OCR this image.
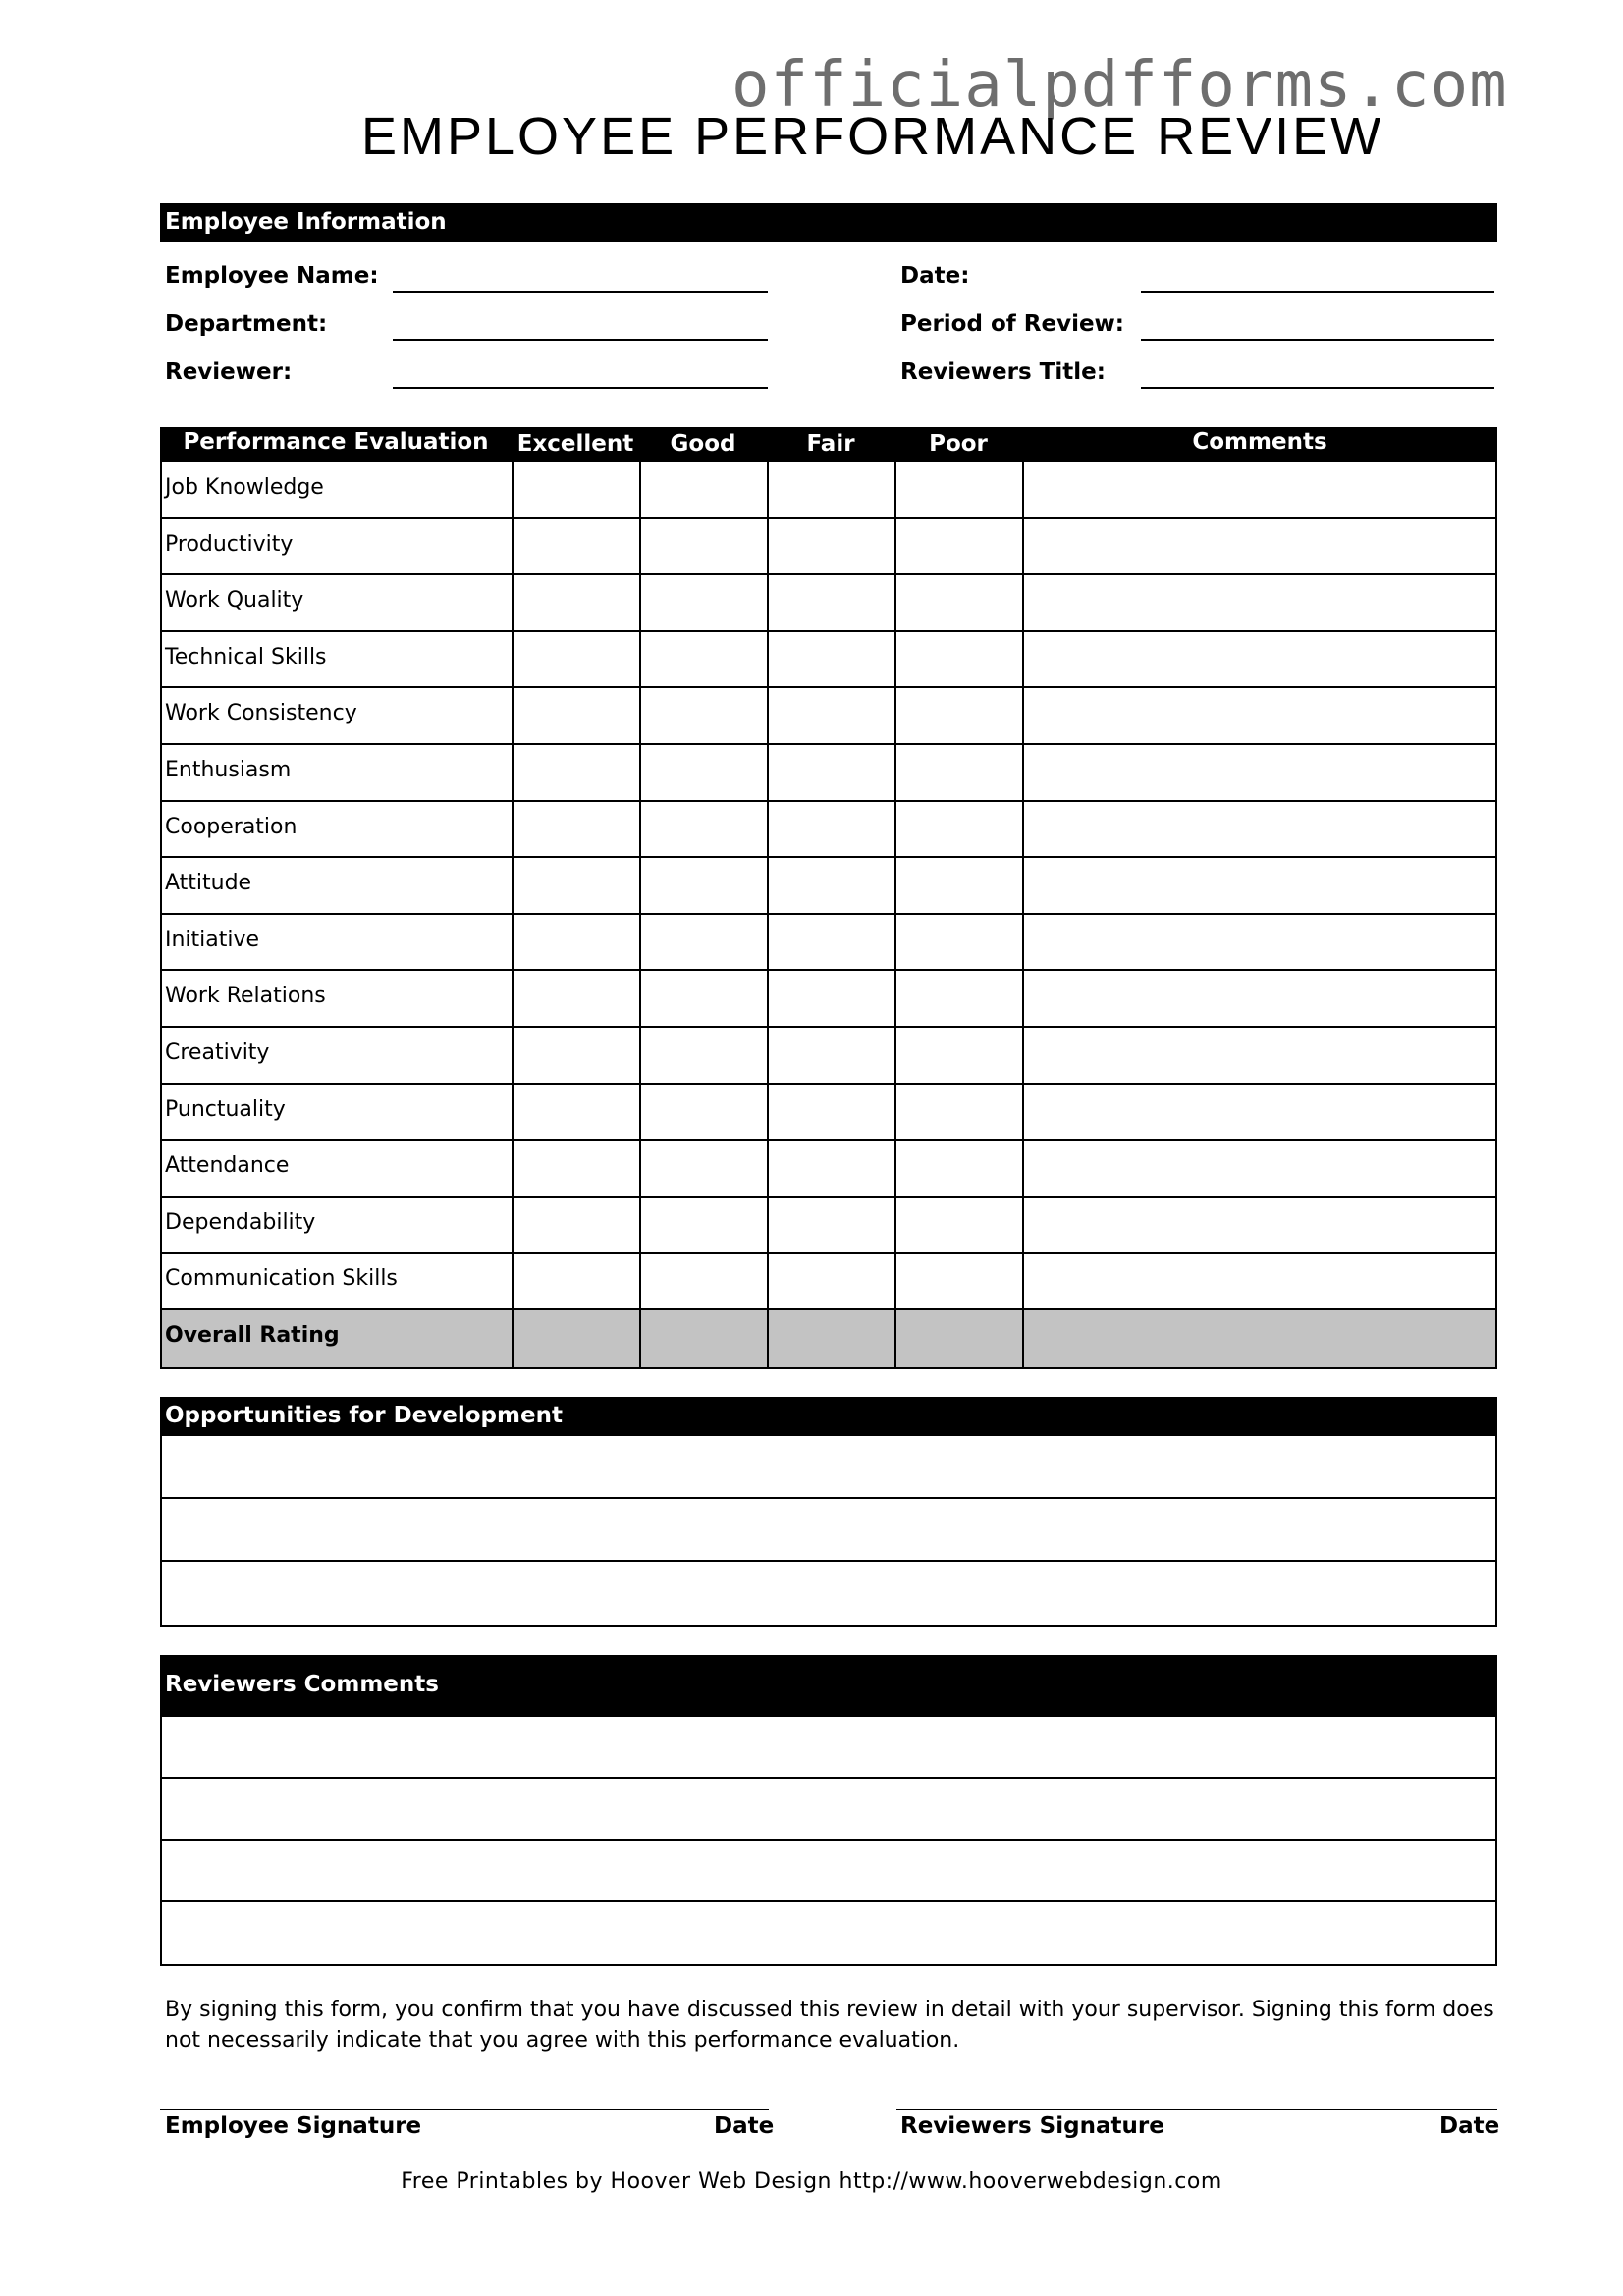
officialpdfforms.com
EMPLOYEE PERFORMANCE REVIEW
Employee Information
Employee Name:
Department:
Reviewer:
Date:
Period of Review:
Reviewers Title:
Performance Evaluation	Excellent	Good	Fair	Poor	Comments
Job Knowledge
Productivity
Work Quality
Technical Skills
Work Consistency
Enthusiasm
Cooperation
Attitude
Initiative
Work Relations
Creativity
Punctuality
Attendance
Dependability
Communication Skills
Overall Rating
Opportunities for Development
Reviewers Comments
By signing this form, you confirm that you have discussed this review in detail with your supervisor. Signing this form does not necessarily indicate that you agree with this performance evaluation.
Employee Signature	Date	Reviewers Signature	Date
Free Printables by Hoover Web Design http://www.hooverwebdesign.com
